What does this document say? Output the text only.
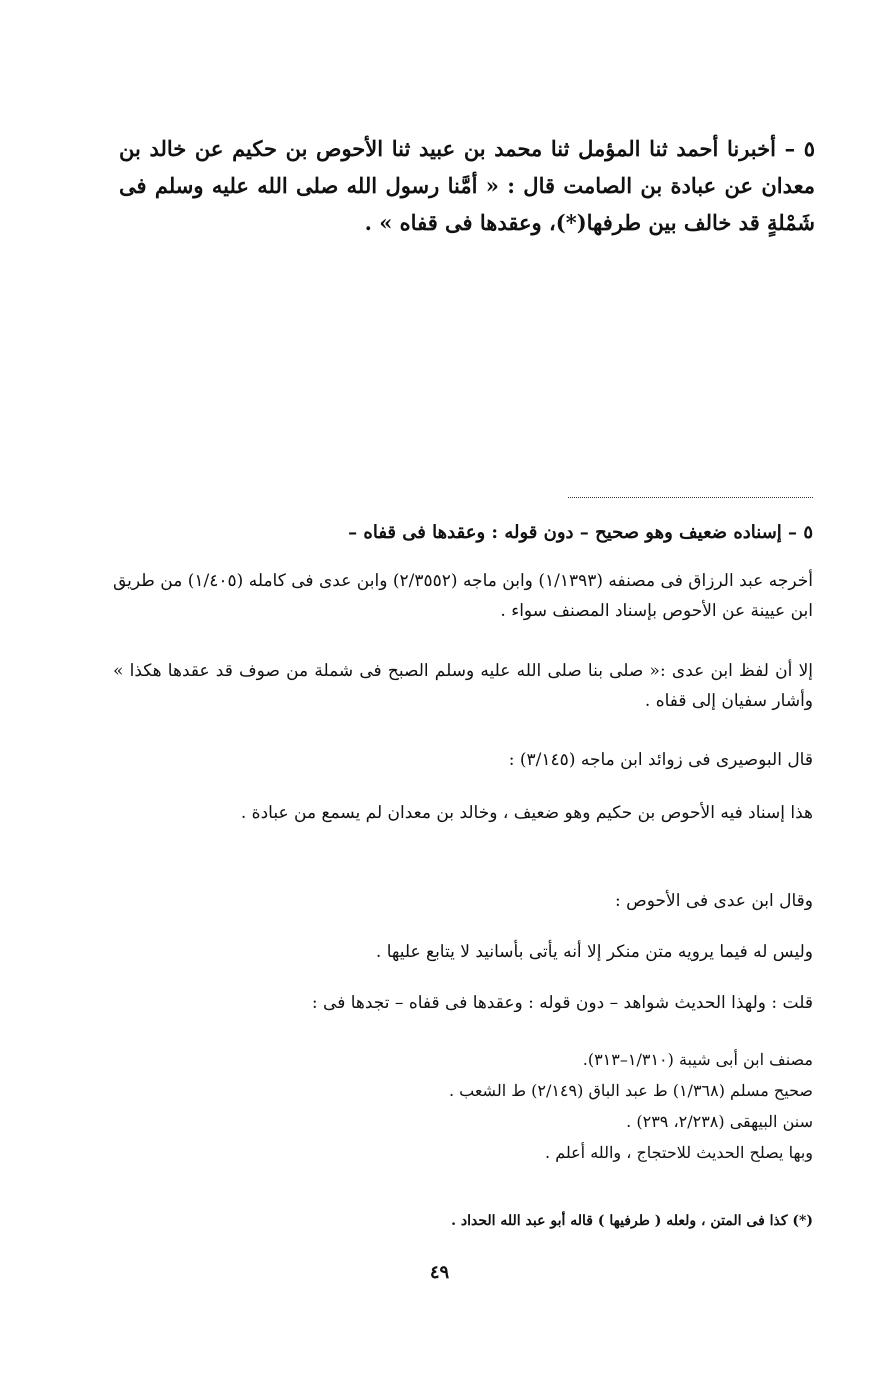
٥ – أخبرنا أحمد ثنا المؤمل ثنا محمد بن عبيد ثنا الأحوص بن حكيم عن خالد بن معدان عن عبادة بن الصامت قال : « أمَّنا رسول الله صلى الله عليه وسلم فى شَمْلةٍ قد خالف بين طرفها(*)، وعقدها فى قفاه » .
٥ – إسناده ضعيف وهو صحيح – دون قوله : وعقدها فى قفاه –
أخرجه عبد الرزاق فى مصنفه (١/١٣٩٣) وابن ماجه (٢/٣٥٥٢) وابن عدى فى كامله (١/٤٠٥) من طريق ابن عيينة عن الأحوص بإسناد المصنف سواء .
إلا أن لفظ ابن عدى :« صلى بنا صلى الله عليه وسلم الصبح فى شملة من صوف قد عقدها هكذا » وأشار سفيان إلى قفاه .
قال البوصيرى فى زوائد ابن ماجه (٣/١٤٥) :
هذا إسناد فيه الأحوص بن حكيم وهو ضعيف ، وخالد بن معدان لم يسمع من عبادة .
وقال ابن عدى فى الأحوص :
وليس له فيما يرويه متن منكر إلا أنه يأتى بأسانيد لا يتابع عليها .
قلت : ولهذا الحديث شواهد – دون قوله : وعقدها فى قفاه – تجدها فى :
مصنف ابن أبى شيبة (١/٣١٠–٣١٣).
صحيح مسلم (١/٣٦٨) ط عبد الباق (٢/١٤٩) ط الشعب .
سنن البيهقى (٢/٢٣٨، ٢٣٩) .
وبها يصلح الحديث للاحتجاج ، والله أعلم .
(*) كذا فى المتن ، ولعله ( طرفيها ) قاله أبو عبد الله الحداد .
٤٩
